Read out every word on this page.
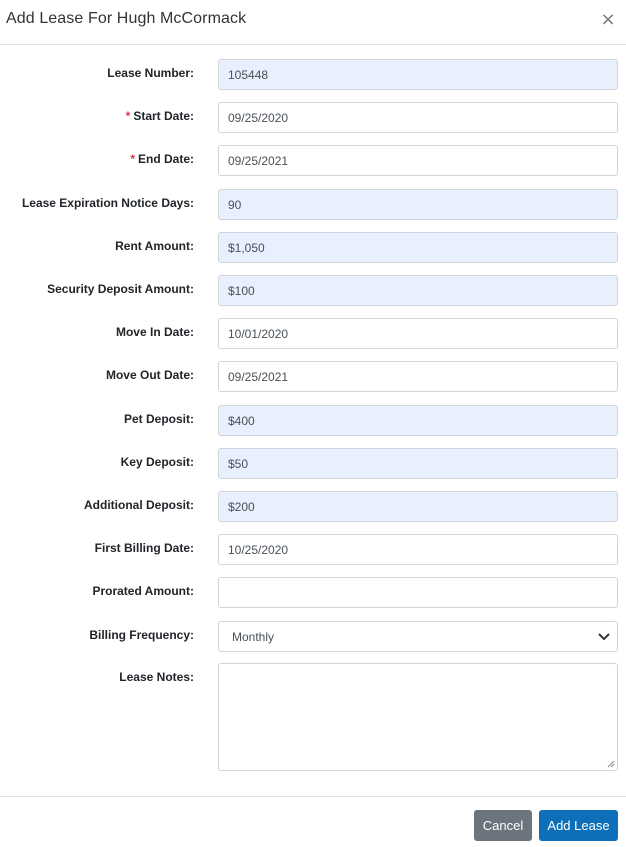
Add Lease For Hugh McCormack	×
Lease Number:
105448
* Start Date:
09/25/2020
* End Date:
09/25/2021
Lease Expiration Notice Days:
90
Rent Amount:
$1,050
Security Deposit Amount:
$100
Move In Date:
10/01/2020
Move Out Date:
09/25/2021
Pet Deposit:
$400
Key Deposit:
$50
Additional Deposit:
$200
First Billing Date:
10/25/2020
Prorated Amount:
Billing Frequency:	Monthly
Lease Notes:
Cancel	Add Lease
